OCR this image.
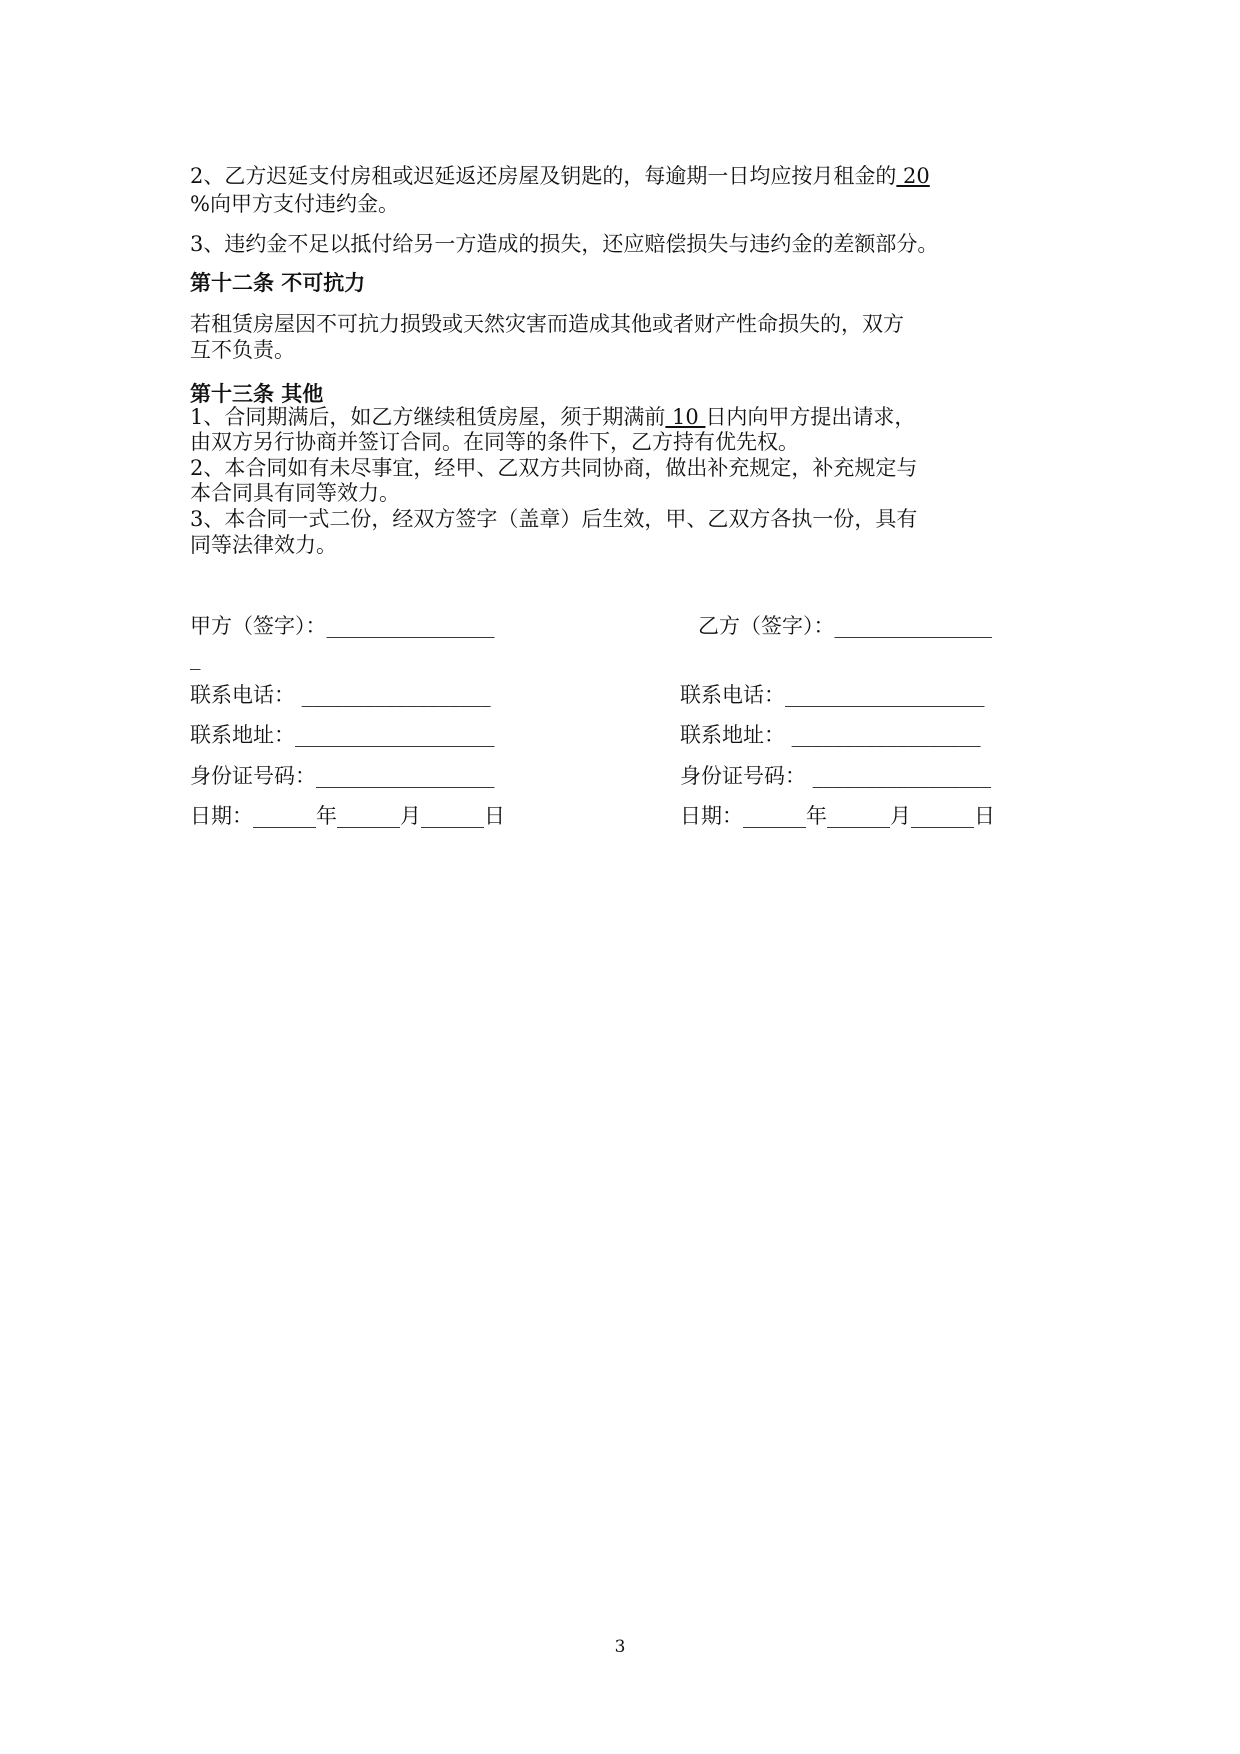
2、乙方迟延支付房租或迟延返还房屋及钥匙的，每逾期一日均应按月租金的 20
%向甲方支付违约金。
3、违约金不足以抵付给另一方造成的损失，还应赔偿损失与违约金的差额部分。
第十二条 不可抗力
若租赁房屋因不可抗力损毁或天然灾害而造成其他或者财产性命损失的，双方
互不负责。
第十三条 其他
1、合同期满后，如乙方继续租赁房屋，须于期满前 10 日内向甲方提出请求，
由双方另行协商并签订合同。在同等的条件下，乙方持有优先权。
2、本合同如有未尽事宜，经甲、乙双方共同协商，做出补充规定，补充规定与
本合同具有同等效力。
3、本合同一式二份，经双方签字（盖章）后生效，甲、乙双方各执一份，具有
同等法律效力。
甲方（签字）：________________	乙方（签字）：_______________
_
联系电话： __________________	联系电话：___________________
联系地址：___________________	联系地址： __________________
身份证号码：_________________	身份证号码： _________________
日期：______年______月______日	日期：______年______月______日
3
